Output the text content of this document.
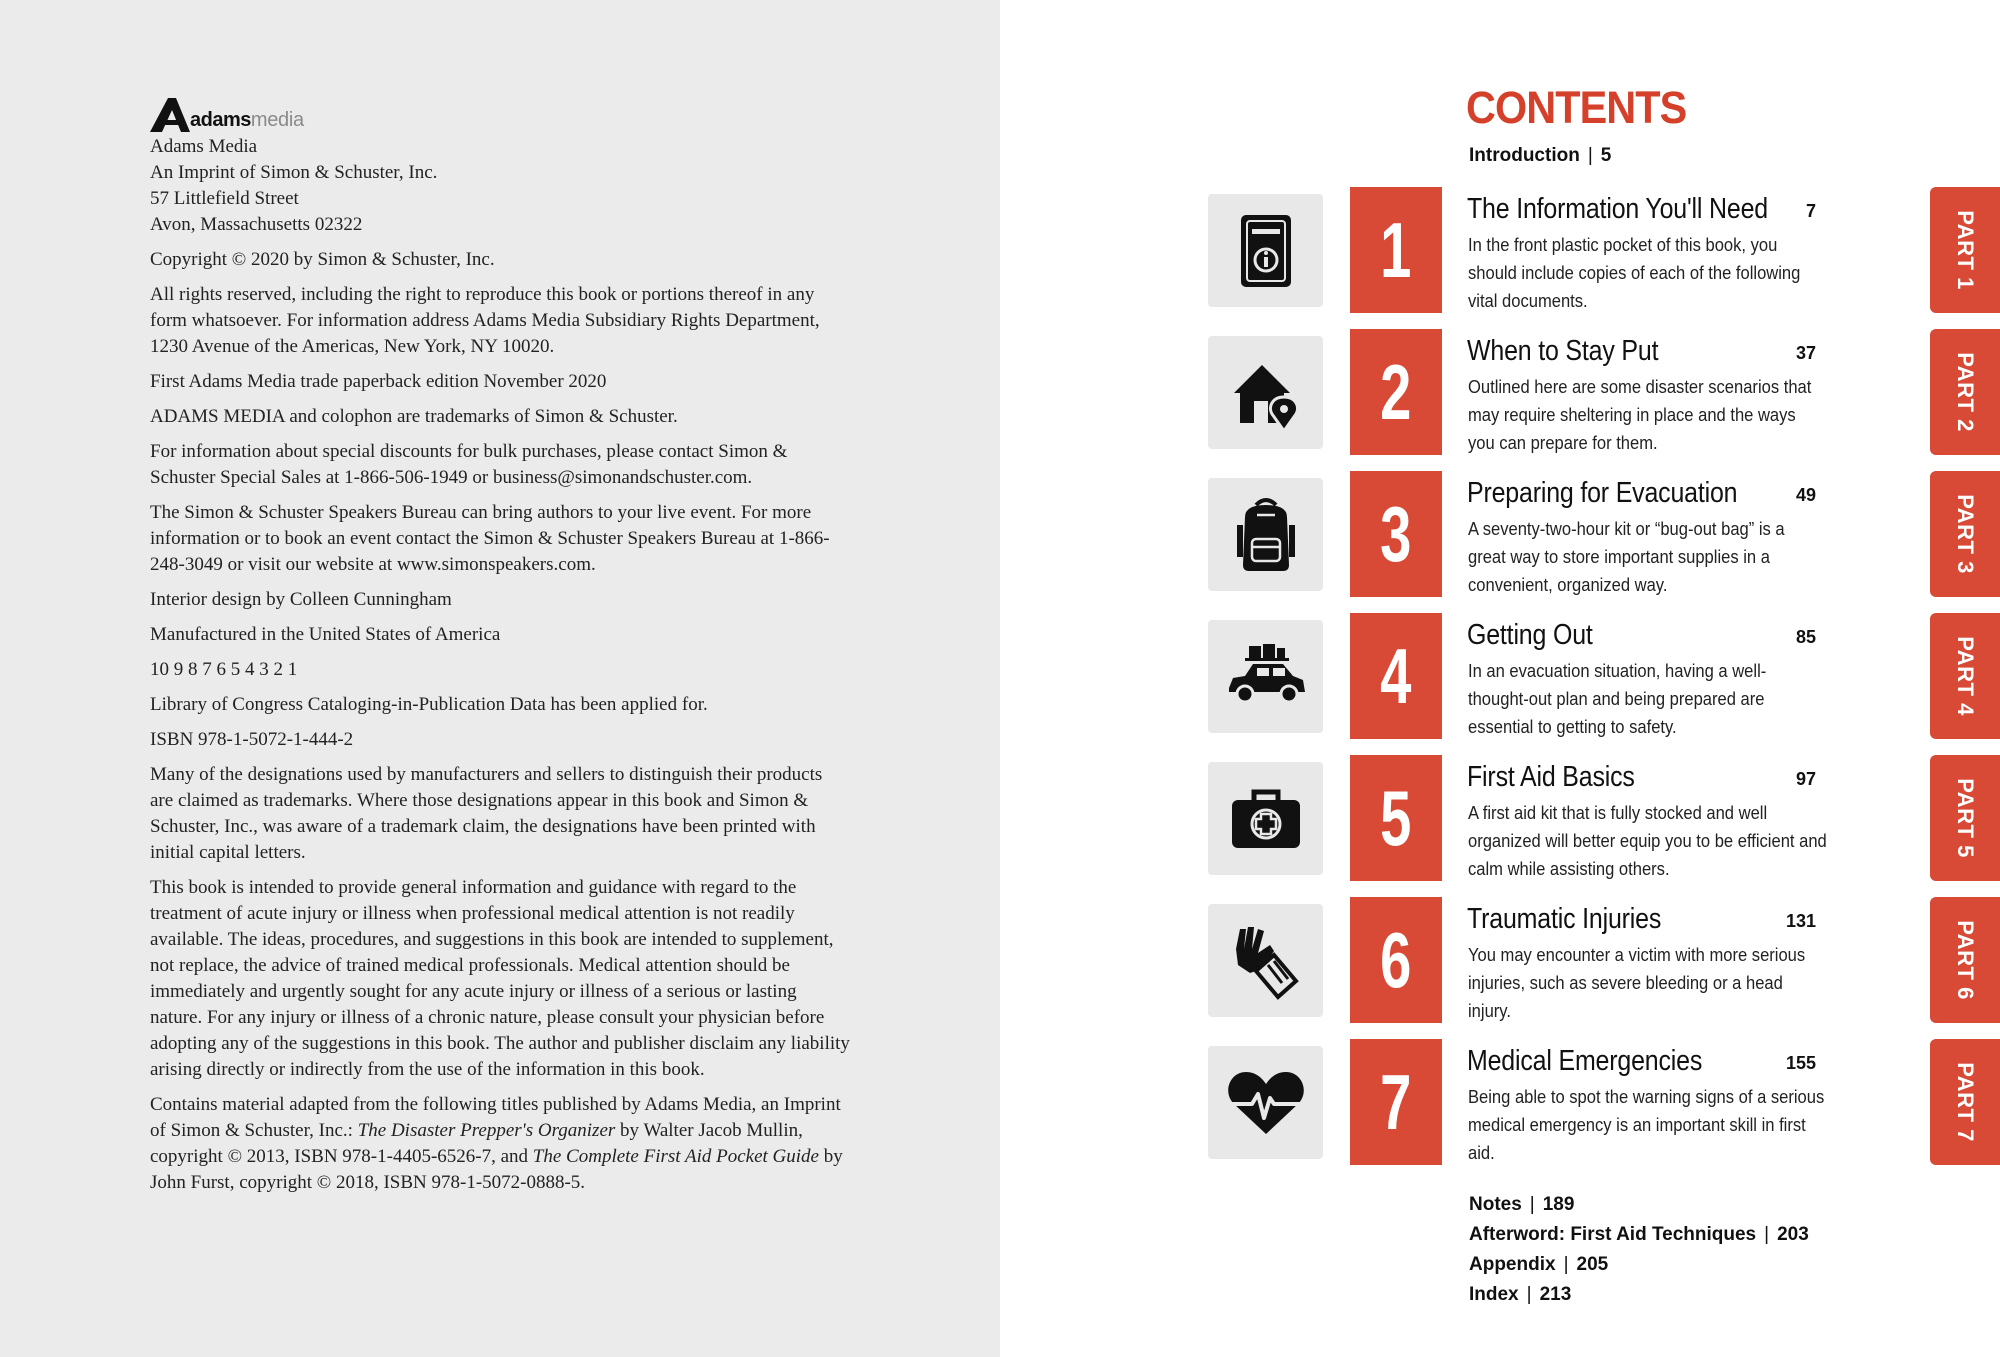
adams media
Adams Media
An Imprint of Simon & Schuster, Inc.
57 Littlefield Street
Avon, Massachusetts 02322

Copyright © 2020 by Simon & Schuster, Inc.

All rights reserved, including the right to reproduce this book or portions thereof in any form whatsoever. For information address Adams Media Subsidiary Rights Department, 1230 Avenue of the Americas, New York, NY 10020.

First Adams Media trade paperback edition November 2020

ADAMS MEDIA and colophon are trademarks of Simon & Schuster.

For information about special discounts for bulk purchases, please contact Simon & Schuster Special Sales at 1-866-506-1949 or business@simonandschuster.com.

The Simon & Schuster Speakers Bureau can bring authors to your live event. For more information or to book an event contact the Simon & Schuster Speakers Bureau at 1-866-248-3049 or visit our website at www.simonspeakers.com.

Interior design by Colleen Cunningham

Manufactured in the United States of America

10 9 8 7 6 5 4 3 2 1

Library of Congress Cataloging-in-Publication Data has been applied for.

ISBN 978-1-5072-1-444-2

Many of the designations used by manufacturers and sellers to distinguish their products are claimed as trademarks. Where those designations appear in this book and Simon & Schuster, Inc., was aware of a trademark claim, the designations have been printed with initial capital letters.

This book is intended to provide general information and guidance with regard to the treatment of acute injury or illness when professional medical attention is not readily available. The ideas, procedures, and suggestions in this book are intended to supplement, not replace, the advice of trained medical professionals. Medical attention should be immediately and urgently sought for any acute injury or illness of a serious or lasting nature. For any injury or illness of a chronic nature, please consult your physician before adopting any of the suggestions in this book. The author and publisher disclaim any liability arising directly or indirectly from the use of the information in this book.

Contains material adapted from the following titles published by Adams Media, an Imprint of Simon & Schuster, Inc.: The Disaster Prepper's Organizer by Walter Jacob Mullin, copyright © 2013, ISBN 978-1-4405-6526-7, and The Complete First Aid Pocket Guide by John Furst, copyright © 2018, ISBN 978-1-5072-0888-5.

CONTENTS
Introduction | 5
1 The Information You'll Need	7
In the front plastic pocket of this book, you should include copies of each of the following vital documents.
PART 1
2 When to Stay Put	37
Outlined here are some disaster scenarios that may require sheltering in place and the ways you can prepare for them.
PART 2
3 Preparing for Evacuation	49
A seventy-two-hour kit or “bug-out bag” is a great way to store important supplies in a convenient, organized way.
PART 3
4 Getting Out	85
In an evacuation situation, having a well-thought-out plan and being prepared are essential to getting to safety.
PART 4
5 First Aid Basics	97
A first aid kit that is fully stocked and well organized will better equip you to be efficient and calm while assisting others.
PART 5
6 Traumatic Injuries	131
You may encounter a victim with more serious injuries, such as severe bleeding or a head injury.
PART 6
7 Medical Emergencies	155
Being able to spot the warning signs of a serious medical emergency is an important skill in first aid.
PART 7
Notes | 189
Afterword: First Aid Techniques | 203
Appendix | 205
Index | 213
